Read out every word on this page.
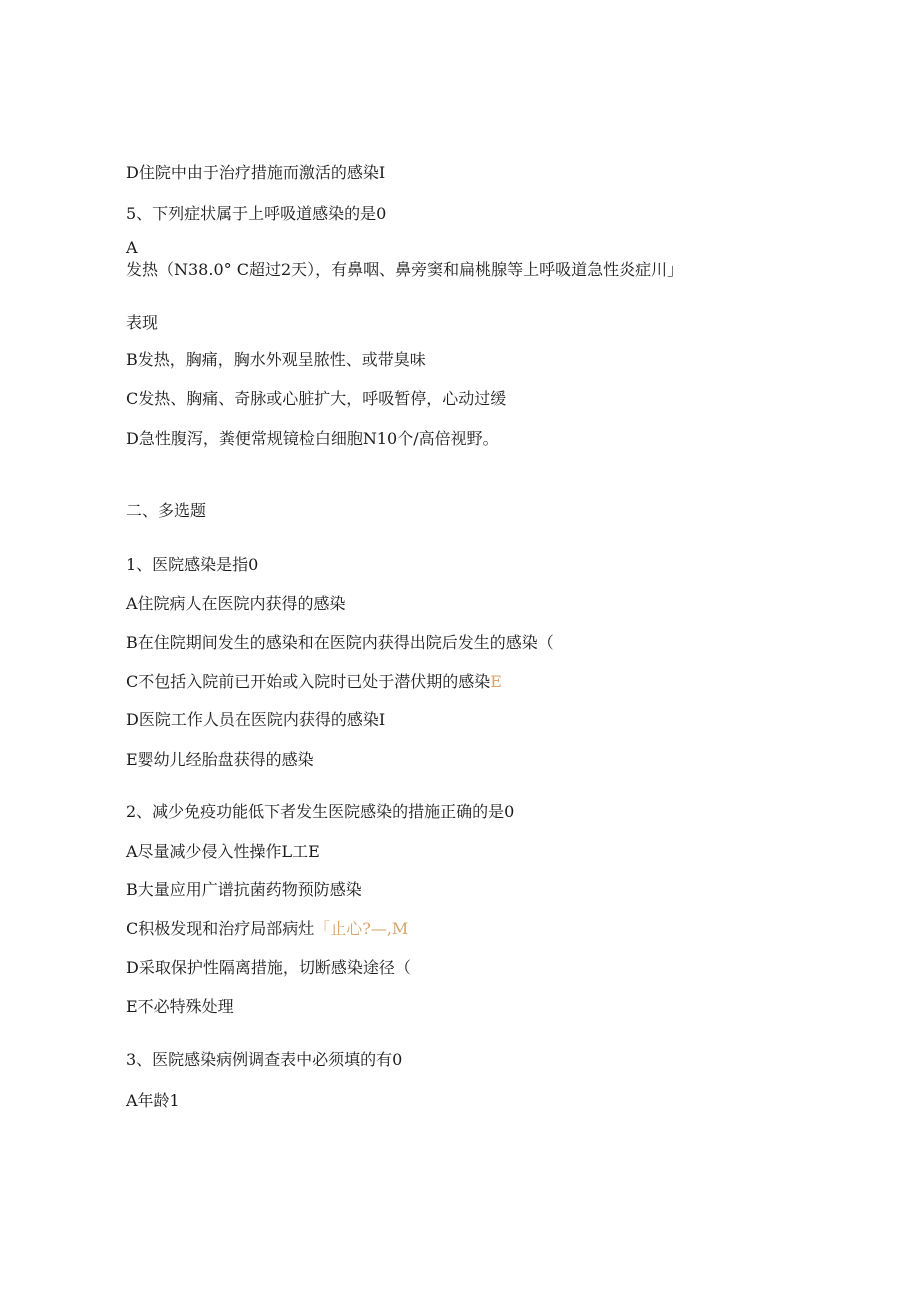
D住院中由于治疗措施而激活的感染I
5、下列症状属于上呼吸道感染的是0
A
发热（N38.0° C超过2天），有鼻咽、鼻旁窦和扁桃腺等上呼吸道急性炎症川」
表现
B发热，胸痛，胸水外观呈脓性、或带臭味
C发热、胸痛、奇脉或心脏扩大，呼吸暂停，心动过缓
D急性腹泻，粪便常规镜检白细胞N10个/高倍视野。
二、多选题
1、医院感染是指0
A住院病人在医院内获得的感染
B在住院期间发生的感染和在医院内获得出院后发生的感染（
C不包括入院前已开始或入院时已处于潜伏期的感染E
D医院工作人员在医院内获得的感染I
E婴幼儿经胎盘获得的感染
2、减少免疫功能低下者发生医院感染的措施正确的是0
A尽量减少侵入性操作L工E
B大量应用广谱抗菌药物预防感染
C积极发现和治疗局部病灶「止心?—,M
D采取保护性隔离措施，切断感染途径（
E不必特殊处理
3、医院感染病例调查表中必须填的有0
A年龄1
